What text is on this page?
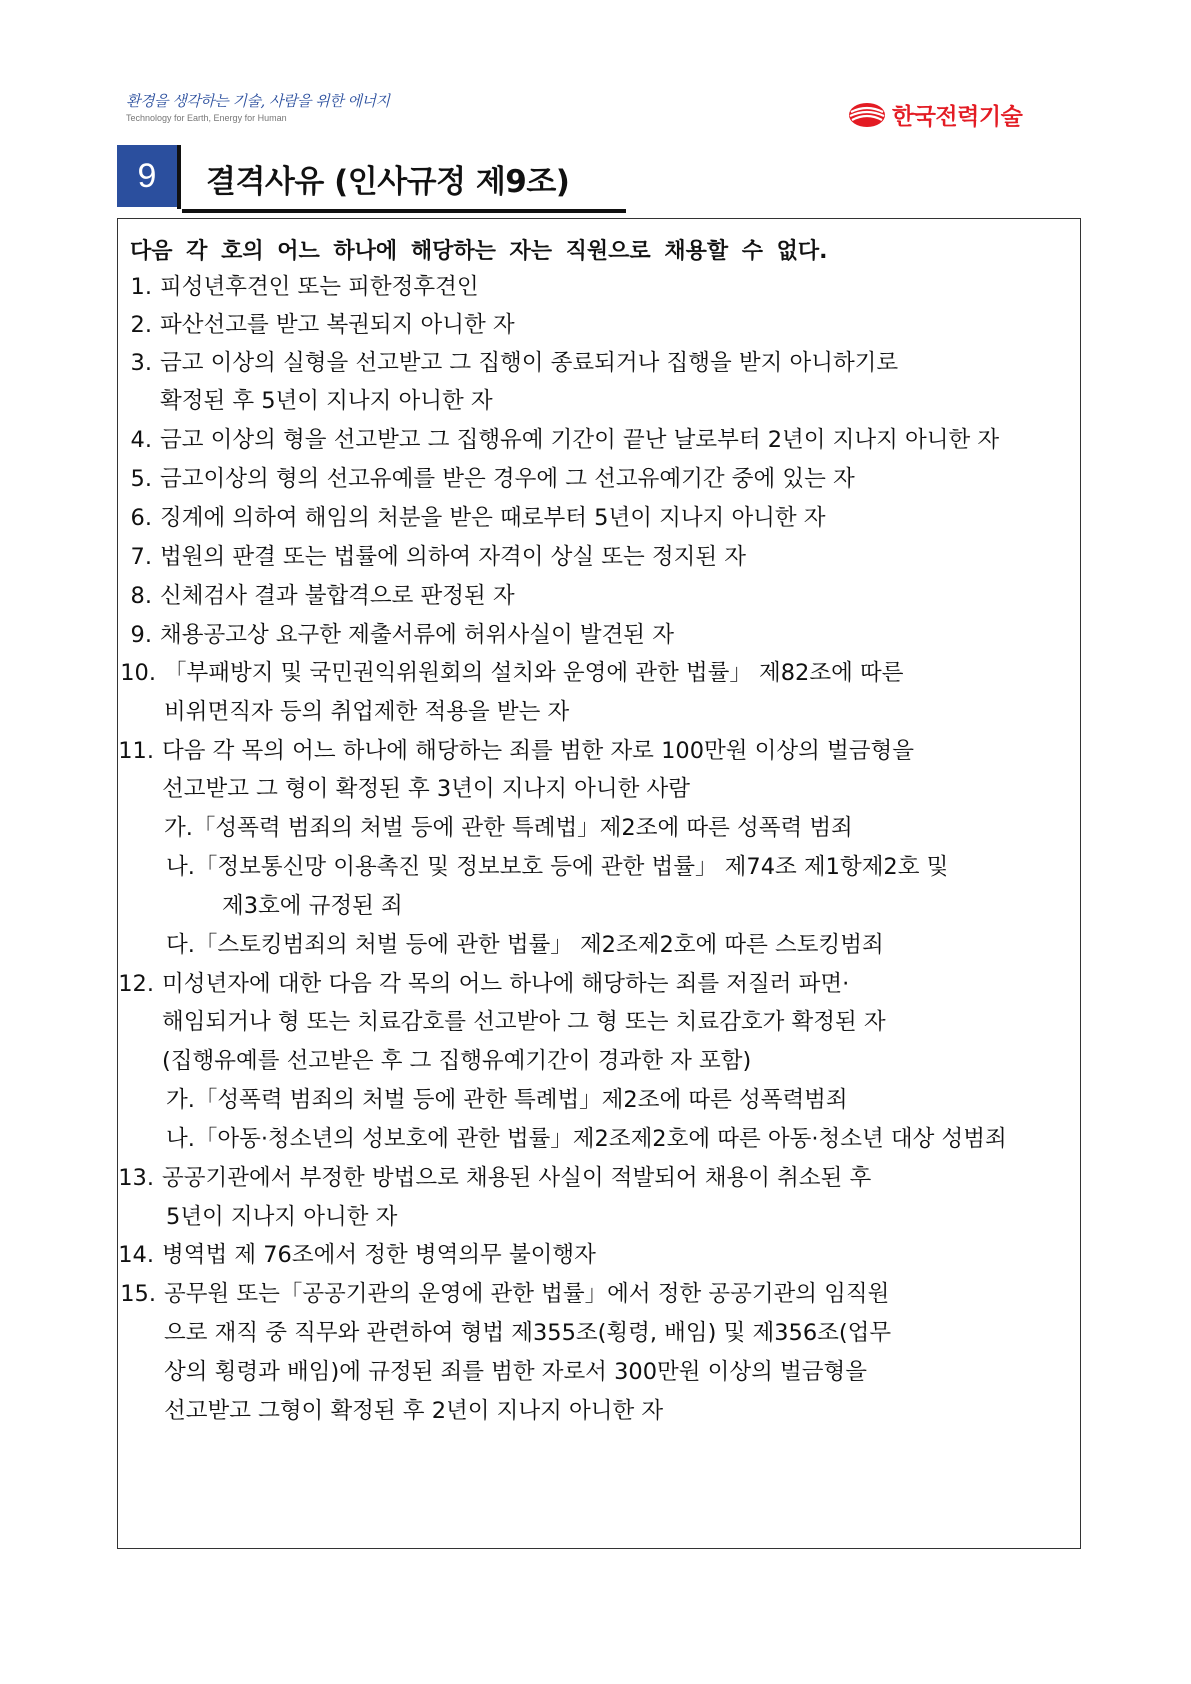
환경을 생각하는 기술, 사람을 위한 에너지
Technology for Earth, Energy for Human	한국전력기술
9	결격사유 (인사규정 제9조)
다음 각 호의 어느 하나에 해당하는 자는 직원으로 채용할 수 없다.
1. 피성년후견인 또는 피한정후견인
2. 파산선고를 받고 복권되지 아니한 자
3. 금고 이상의 실형을 선고받고 그 집행이 종료되거나 집행을 받지 아니하기로
확정된 후 5년이 지나지 아니한 자
4. 금고 이상의 형을 선고받고 그 집행유예 기간이 끝난 날로부터 2년이 지나지 아니한 자
5. 금고이상의 형의 선고유예를 받은 경우에 그 선고유예기간 중에 있는 자
6. 징계에 의하여 해임의 처분을 받은 때로부터 5년이 지나지 아니한 자
7. 법원의 판결 또는 법률에 의하여 자격이 상실 또는 정지된 자
8. 신체검사 결과 불합격으로 판정된 자
9. 채용공고상 요구한 제출서류에 허위사실이 발견된 자
10. 「부패방지 및 국민권익위원회의 설치와 운영에 관한 법률」 제82조에 따른
비위면직자 등의 취업제한 적용을 받는 자
11. 다음 각 목의 어느 하나에 해당하는 죄를 범한 자로 100만원 이상의 벌금형을
선고받고 그 형이 확정된 후 3년이 지나지 아니한 사람
가.「성폭력 범죄의 처벌 등에 관한 특례법」제2조에 따른 성폭력 범죄
나.「정보통신망 이용촉진 및 정보보호 등에 관한 법률」 제74조 제1항제2호 및
제3호에 규정된 죄
다.「스토킹범죄의 처벌 등에 관한 법률」 제2조제2호에 따른 스토킹범죄
12. 미성년자에 대한 다음 각 목의 어느 하나에 해당하는 죄를 저질러 파면·
해임되거나 형 또는 치료감호를 선고받아 그 형 또는 치료감호가 확정된 자
(집행유예를 선고받은 후 그 집행유예기간이 경과한 자 포함)
가.「성폭력 범죄의 처벌 등에 관한 특례법」제2조에 따른 성폭력범죄
나.「아동·청소년의 성보호에 관한 법률」제2조제2호에 따른 아동·청소년 대상 성범죄
13. 공공기관에서 부정한 방법으로 채용된 사실이 적발되어 채용이 취소된 후
5년이 지나지 아니한 자
14. 병역법 제 76조에서 정한 병역의무 불이행자
15. 공무원 또는「공공기관의 운영에 관한 법률」에서 정한 공공기관의 임직원
으로 재직 중 직무와 관련하여 형법 제355조(횡령, 배임) 및 제356조(업무
상의 횡령과 배임)에 규정된 죄를 범한 자로서 300만원 이상의 벌금형을
선고받고 그형이 확정된 후 2년이 지나지 아니한 자
